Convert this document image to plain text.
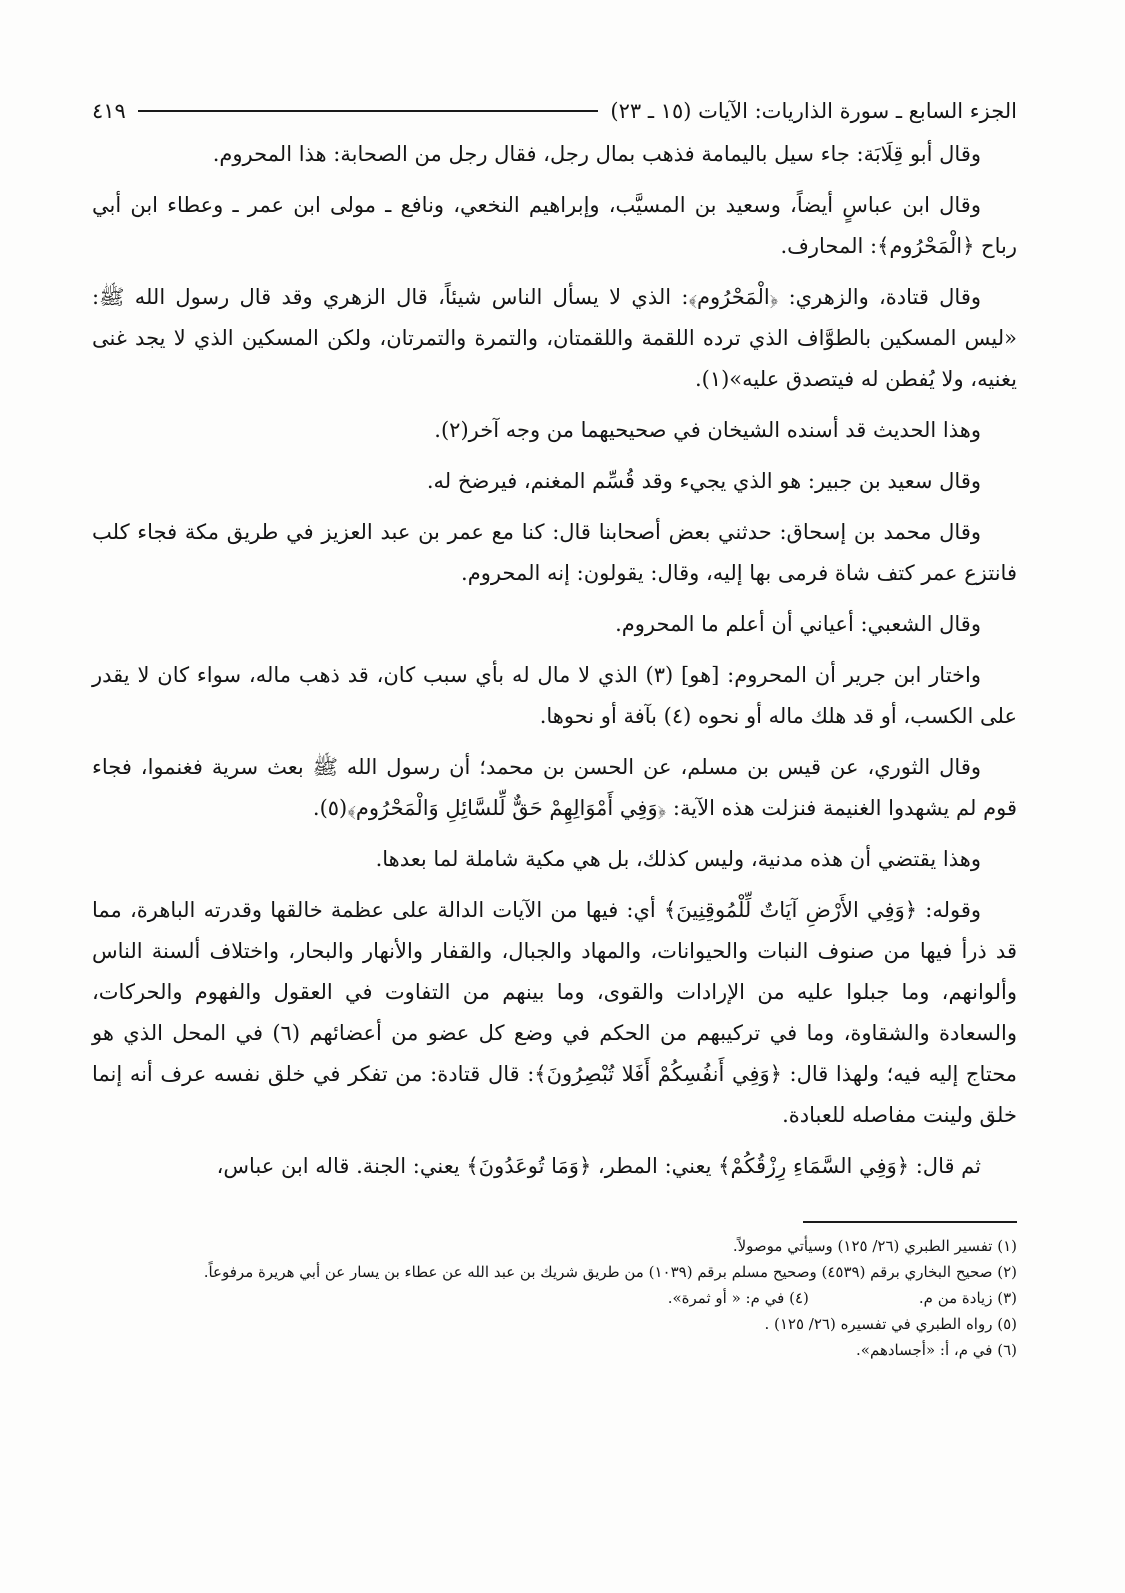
الجزء السابع ـ سورة الذاريات: الآيات (١٥ ـ ٢٣)
٤١٩

وقال أبو قِلَابَة: جاء سيل باليمامة فذهب بمال رجل، فقال رجل من الصحابة: هذا المحروم.

وقال ابن عباسٍ أيضاً، وسعيد بن المسيَّب، وإبراهيم النخعي، ونافع ـ مولى ابن عمر ـ وعطاء ابن أبي رباح ﴿الْمَحْرُوم﴾: المحارف.

وقال قتادة، والزهري: ﴿الْمَحْرُوم﴾: الذي لا يسأل الناس شيئاً، قال الزهري وقد قال رسول الله ﷺ: «ليس المسكين بالطوَّاف الذي ترده اللقمة واللقمتان، والتمرة والتمرتان، ولكن المسكين الذي لا يجد غنى يغنيه، ولا يُفطن له فيتصدق عليه»(١).

وهذا الحديث قد أسنده الشيخان في صحيحيهما من وجه آخر(٢).

وقال سعيد بن جبير: هو الذي يجيء وقد قُسِّم المغنم، فيرضخ له.

وقال محمد بن إسحاق: حدثني بعض أصحابنا قال: كنا مع عمر بن عبد العزيز في طريق مكة فجاء كلب فانتزع عمر كتف شاة فرمى بها إليه، وقال: يقولون: إنه المحروم.

وقال الشعبي: أعياني أن أعلم ما المحروم.

واختار ابن جرير أن المحروم: [هو] (٣) الذي لا مال له بأي سبب كان، قد ذهب ماله، سواء كان لا يقدر على الكسب، أو قد هلك ماله أو نحوه (٤) بآفة أو نحوها.

وقال الثوري، عن قيس بن مسلم، عن الحسن بن محمد؛ أن رسول الله ﷺ بعث سرية فغنموا، فجاء قوم لم يشهدوا الغنيمة فنزلت هذه الآية: ﴿وَفِي أَمْوَالِهِمْ حَقٌّ لِّلسَّائِلِ وَالْمَحْرُوم﴾(٥).

وهذا يقتضي أن هذه مدنية، وليس كذلك، بل هي مكية شاملة لما بعدها.

وقوله: ﴿وَفِي الأَرْضِ آيَاتٌ لِّلْمُوقِنِينَ﴾ أي: فيها من الآيات الدالة على عظمة خالقها وقدرته الباهرة، مما قد ذرأ فيها من صنوف النبات والحيوانات، والمهاد والجبال، والقفار والأنهار والبحار، واختلاف ألسنة الناس وألوانهم، وما جبلوا عليه من الإرادات والقوى، وما بينهم من التفاوت في العقول والفهوم والحركات، والسعادة والشقاوة، وما في تركيبهم من الحكم في وضع كل عضو من أعضائهم (٦) في المحل الذي هو محتاج إليه فيه؛ ولهذا قال: ﴿وَفِي أَنفُسِكُمْ أَفَلا تُبْصِرُونَ﴾: قال قتادة: من تفكر في خلق نفسه عرف أنه إنما خلق ولينت مفاصله للعبادة.

ثم قال: ﴿وَفِي السَّمَاءِ رِزْقُكُمْ﴾ يعني: المطر، ﴿وَمَا تُوعَدُونَ﴾ يعني: الجنة. قاله ابن عباس،

(١) تفسير الطبري (٢٦/ ١٢٥) وسيأتي موصولاً.
(٢) صحيح البخاري برقم (٤٥٣٩) وصحيح مسلم برقم (١٠٣٩) من طريق شريك بن عبد الله عن عطاء بن يسار عن أبي هريرة مرفوعاً.
(٣) زيادة من م.
(٤) في م: « أو ثمرة».
(٥) رواه الطبري في تفسيره (٢٦/ ١٢٥) .
(٦) في م، أ: «أجسادهم».
